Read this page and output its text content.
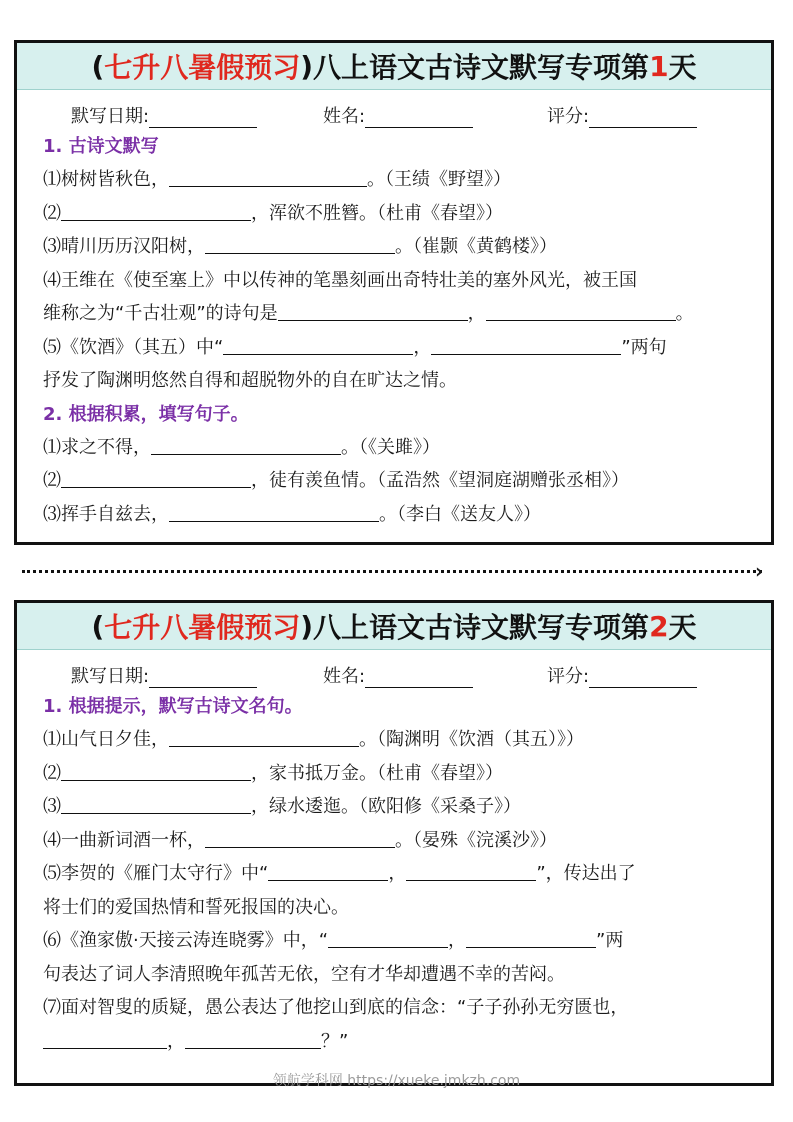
( 七升八暑假预习 ) 八上语文古诗文默写专项第 1 天
默写日期:	姓名:	评分:
1. 古诗文默写
⑴树树皆秋色，	。（王绩《野望》）
⑵	，浑欲不胜簪。（杜甫《春望》）
⑶晴川历历汉阳树，	。（崔颢《黄鹤楼》）
⑷王维在《使至塞上》中以传神的笔墨刻画出奇特壮美的塞外风光，被王国
维称之为“千古壮观”的诗句是	，	。
⑸《饮酒》（其五）中“	，	”两句
抒发了陶渊明悠然自得和超脱物外的自在旷达之情。
2. 根据积累，填写句子。
⑴求之不得，	。（《关雎》）
⑵	，徒有羡鱼情。（孟浩然《望洞庭湖赠张丞相》）
⑶挥手自兹去，	。（李白《送友人》）
›
( 七升八暑假预习 ) 八上语文古诗文默写专项第 2 天
默写日期:	姓名:	评分:
1. 根据提示，默写古诗文名句。
⑴山气日夕佳，	。（陶渊明《饮酒（其五）》）
⑵	，家书抵万金。（杜甫《春望》）
⑶	，绿水逶迤。（欧阳修《采桑子》）
⑷一曲新词酒一杯，	。（晏殊《浣溪沙》）
⑸李贺的《雁门太守行》中“	，	”，传达出了
将士们的爱国热情和誓死报国的决心。
⑹《渔家傲·天接云涛连晓雾》中，“	，	”两
句表达了词人李清照晚年孤苦无依，空有才华却遭遇不幸的苦闷。
⑺面对智叟的质疑，愚公表达了他挖山到底的信念：“子子孙孙无穷匮也，
，	？”
领航学科网 https://xueke.jmkzh.com
